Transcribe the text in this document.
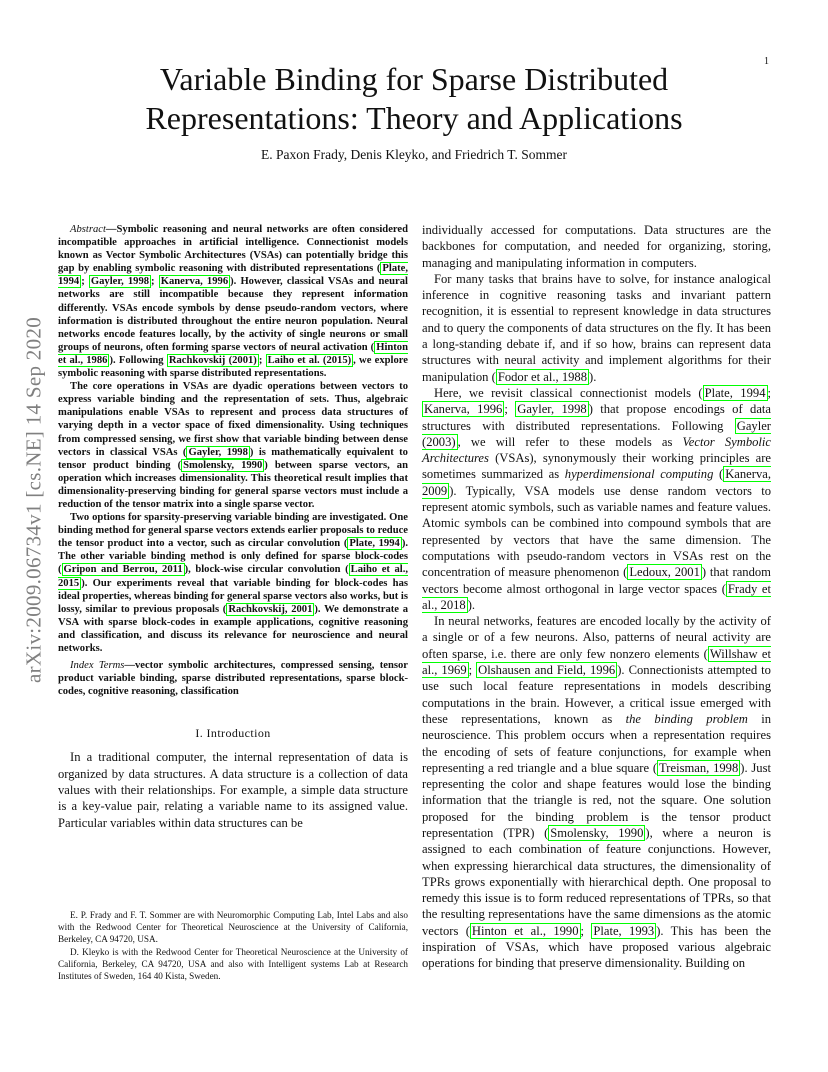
1
arXiv:2009.06734v1 [cs.NE] 14 Sep 2020
Variable Binding for Sparse Distributed
Representations: Theory and Applications
E. Paxon Frady, Denis Kleyko, and Friedrich T. Sommer

Abstract—Symbolic reasoning and neural networks are often considered incompatible approaches in artificial intelligence. Connectionist models known as Vector Symbolic Architectures (VSAs) can potentially bridge this gap by enabling symbolic reasoning with distributed representations ( Plate, 1994 ; Gayler, 1998 ; Kanerva, 1996 ). However, classical VSAs and neural networks are still incompatible because they represent information differently. VSAs encode symbols by dense pseudo-random vectors, where information is distributed throughout the entire neuron population. Neural networks encode features locally, by the activity of single neurons or small groups of neurons, often forming sparse vectors of neural activation ( Hinton et al., 1986 ). Following Rachkovskij (2001) ; Laiho et al. (2015) , we explore symbolic reasoning with sparse distributed representations.

The core operations in VSAs are dyadic operations between vectors to express variable binding and the representation of sets. Thus, algebraic manipulations enable VSAs to represent and process data structures of varying depth in a vector space of fixed dimensionality. Using techniques from compressed sensing, we first show that variable binding between dense vectors in classical VSAs ( Gayler, 1998 ) is mathematically equivalent to tensor product binding ( Smolensky, 1990 ) between sparse vectors, an operation which increases dimensionality. This theoretical result implies that dimensionality-preserving binding for general sparse vectors must include a reduction of the tensor matrix into a single sparse vector.

Two options for sparsity-preserving variable binding are investigated. One binding method for general sparse vectors extends earlier proposals to reduce the tensor product into a vector, such as circular convolution ( Plate, 1994 ). The other variable binding method is only defined for sparse block-codes ( Gripon and Berrou, 2011 ), block-wise circular convolution ( Laiho et al., 2015 ). Our experiments reveal that variable binding for block-codes has ideal properties, whereas binding for general sparse vectors also works, but is lossy, similar to previous proposals ( Rachkovskij, 2001 ). We demonstrate a VSA with sparse block-codes in example applications, cognitive reasoning and classification, and discuss its relevance for neuroscience and neural networks.

Index Terms—vector symbolic architectures, compressed sensing, tensor product variable binding, sparse distributed representations, sparse block-codes, cognitive reasoning, classification

I. Introduction

In a traditional computer, the internal representation of data is organized by data structures. A data structure is a collection of data values with their relationships. For example, a simple data structure is a key-value pair, relating a variable name to its assigned value. Particular variables within data structures can be

E. P. Frady and F. T. Sommer are with Neuromorphic Computing Lab, Intel Labs and also with the Redwood Center for Theoretical Neuroscience at the University of California, Berkeley, CA 94720, USA.

D. Kleyko is with the Redwood Center for Theoretical Neuroscience at the University of California, Berkeley, CA 94720, USA and also with Intelligent systems Lab at Research Institutes of Sweden, 164 40 Kista, Sweden.

individually accessed for computations. Data structures are the backbones for computation, and needed for organizing, storing, managing and manipulating information in computers.

For many tasks that brains have to solve, for instance analogical inference in cognitive reasoning tasks and invariant pattern recognition, it is essential to represent knowledge in data structures and to query the components of data structures on the fly. It has been a long-standing debate if, and if so how, brains can represent data structures with neural activity and implement algorithms for their manipulation ( Fodor et al., 1988 ).

Here, we revisit classical connectionist models ( Plate, 1994 ; Kanerva, 1996 ; Gayler, 1998 ) that propose encodings of data structures with distributed representations. Following Gayler (2003) , we will refer to these models as Vector Symbolic Architectures (VSAs), synonymously their working principles are sometimes summarized as hyperdimensional computing ( Kanerva, 2009 ). Typically, VSA models use dense random vectors to represent atomic symbols, such as variable names and feature values. Atomic symbols can be combined into compound symbols that are represented by vectors that have the same dimension. The computations with pseudo-random vectors in VSAs rest on the concentration of measure phenomenon ( Ledoux, 2001 ) that random vectors become almost orthogonal in large vector spaces ( Frady et al., 2018 ).

In neural networks, features are encoded locally by the activity of a single or of a few neurons. Also, patterns of neural activity are often sparse, i.e. there are only few nonzero elements ( Willshaw et al., 1969 ; Olshausen and Field, 1996 ). Connectionists attempted to use such local feature representations in models describing computations in the brain. However, a critical issue emerged with these representations, known as the binding problem in neuroscience. This problem occurs when a representation requires the encoding of sets of feature conjunctions, for example when representing a red triangle and a blue square ( Treisman, 1998 ). Just representing the color and shape features would lose the binding information that the triangle is red, not the square. One solution proposed for the binding problem is the tensor product representation (TPR) ( Smolensky, 1990 ), where a neuron is assigned to each combination of feature conjunctions. However, when expressing hierarchical data structures, the dimensionality of TPRs grows exponentially with hierarchical depth. One proposal to remedy this issue is to form reduced representations of TPRs, so that the resulting representations have the same dimensions as the atomic vectors ( Hinton et al., 1990 ; Plate, 1993 ). This has been the inspiration of VSAs, which have proposed various algebraic operations for binding that preserve dimensionality. Building on
